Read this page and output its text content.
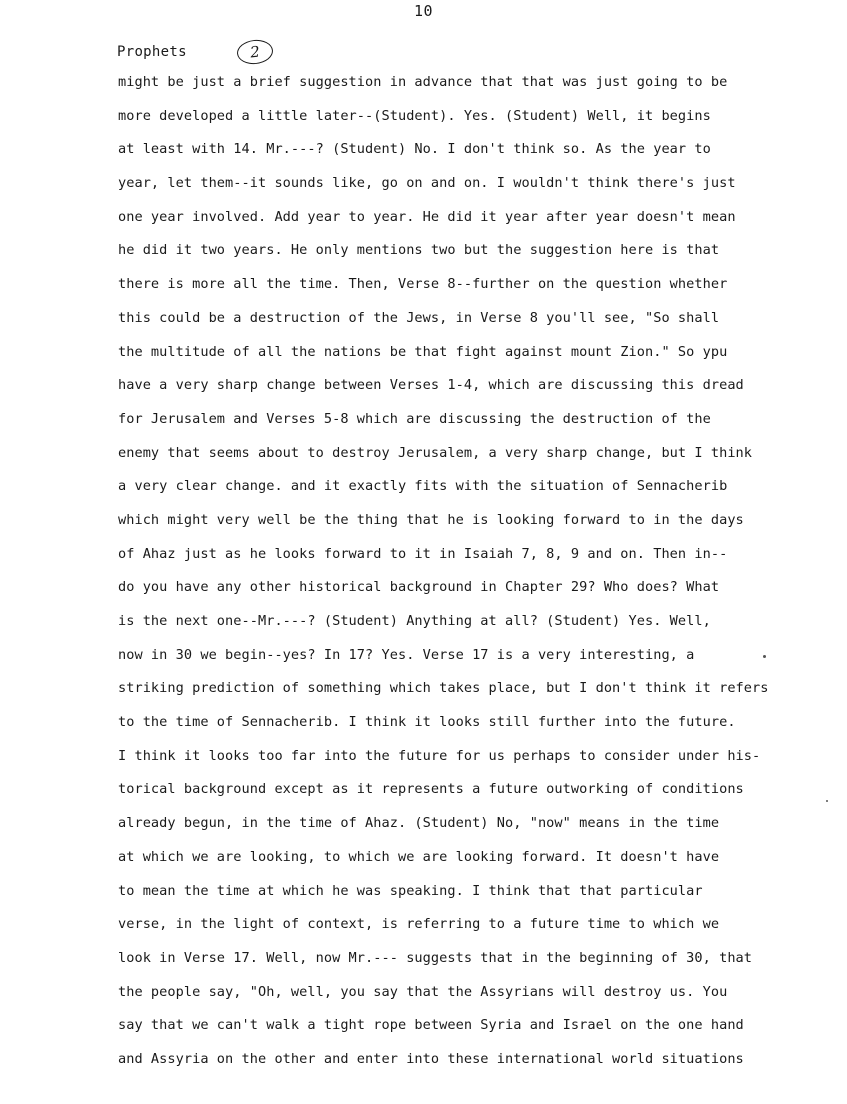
10
Prophets	2
might be just a brief suggestion in advance that that was just going to be
more developed a little later--(Student). Yes. (Student) Well, it begins
at least with 14. Mr.---? (Student) No. I don't think so. As the year to
year, let them--it sounds like, go on and on. I wouldn't think there's just
one year involved. Add year to year. He did it year after year doesn't mean
he did it two years. He only mentions two but the suggestion here is that
there is more all the time. Then, Verse 8--further on the question whether
this could be a destruction of the Jews, in Verse 8 you'll see, "So shall
the multitude of all the nations be that fight against mount Zion." So ypu
have a very sharp change between Verses 1-4, which are discussing this dread
for Jerusalem and Verses 5-8 which are discussing the destruction of the
enemy that seems about to destroy Jerusalem, a very sharp change, but I think
a very clear change. and it exactly fits with the situation of Sennacherib
which might very well be the thing that he is looking forward to in the days
of Ahaz just as he looks forward to it in Isaiah 7, 8, 9 and on. Then in--
do you have any other historical background in Chapter 29? Who does? What
is the next one--Mr.---? (Student) Anything at all? (Student) Yes. Well,
now in 30 we begin--yes? In 17? Yes. Verse 17 is a very interesting, a
striking prediction of something which takes place, but I don't think it refers
to the time of Sennacherib. I think it looks still further into the future.
I think it looks too far into the future for us perhaps to consider under his-
torical background except as it represents a future outworking of conditions
already begun, in the time of Ahaz. (Student) No, "now" means in the time
at which we are looking, to which we are looking forward. It doesn't have
to mean the time at which he was speaking. I think that that particular
verse, in the light of context, is referring to a future time to which we
look in Verse 17. Well, now Mr.--- suggests that in the beginning of 30, that
the people say, "Oh, well, you say that the Assyrians will destroy us. You
say that we can't walk a tight rope between Syria and Israel on the one hand
and Assyria on the other and enter into these international world situations
